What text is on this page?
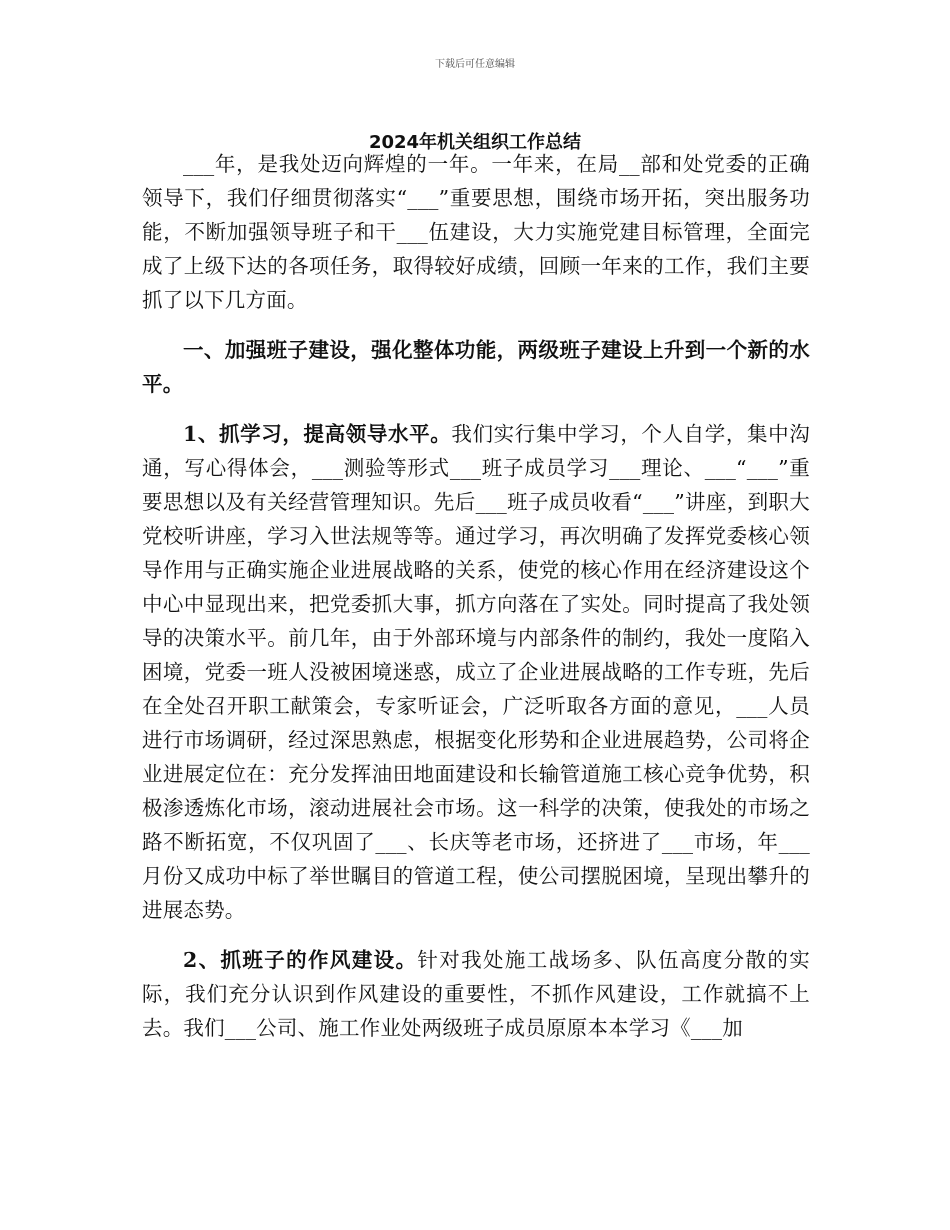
下载后可任意编辑
2024年机关组织工作总结

___年，是我处迈向辉煌的一年。一年来，在局__部和处党委的正确领导下，我们仔细贯彻落实“___”重要思想，围绕市场开拓，突出服务功能，不断加强领导班子和干___伍建设，大力实施党建目标管理，全面完成了上级下达的各项任务，取得较好成绩，回顾一年来的工作，我们主要抓了以下几方面。

一、加强班子建设，强化整体功能，两级班子建设上升到一个新的水平。

1、抓学习，提高领导水平。我们实行集中学习，个人自学，集中沟通，写心得体会，___测验等形式___班子成员学习___理论、___“___”重要思想以及有关经营管理知识。先后___班子成员收看“___”讲座，到职大党校听讲座，学习入世法规等等。通过学习，再次明确了发挥党委核心领导作用与正确实施企业进展战略的关系，使党的核心作用在经济建设这个中心中显现出来，把党委抓大事，抓方向落在了实处。同时提高了我处领导的决策水平。前几年，由于外部环境与内部条件的制约，我处一度陷入困境，党委一班人没被困境迷惑，成立了企业进展战略的工作专班，先后在全处召开职工献策会，专家听证会，广泛听取各方面的意见，___人员进行市场调研，经过深思熟虑，根据变化形势和企业进展趋势，公司将企业进展定位在：充分发挥油田地面建设和长输管道施工核心竞争优势，积极渗透炼化市场，滚动进展社会市场。这一科学的决策，使我处的市场之路不断拓宽，不仅巩固了___、长庆等老市场，还挤进了___市场，年___月份又成功中标了举世瞩目的管道工程，使公司摆脱困境，呈现出攀升的进展态势。

2、抓班子的作风建设。针对我处施工战场多、队伍高度分散的实际，我们充分认识到作风建设的重要性，不抓作风建设，工作就搞不上去。我们___公司、施工作业处两级班子成员原原本本学习《___加
